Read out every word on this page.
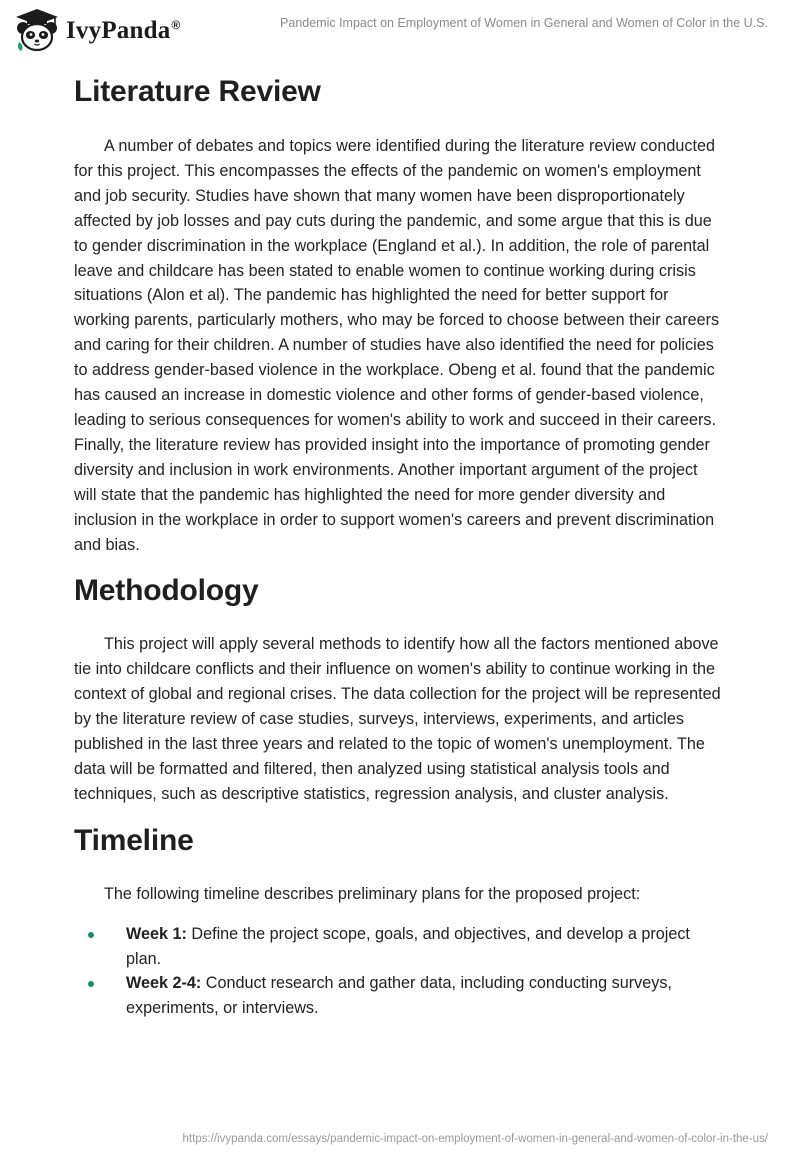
IvyPanda®	Pandemic Impact on Employment of Women in General and Women of Color in the U.S.
Literature Review

A number of debates and topics were identified during the literature review conducted for this project. This encompasses the effects of the pandemic on women's employment and job security. Studies have shown that many women have been disproportionately affected by job losses and pay cuts during the pandemic, and some argue that this is due to gender discrimination in the workplace (England et al.). In addition, the role of parental leave and childcare has been stated to enable women to continue working during crisis situations (Alon et al). The pandemic has highlighted the need for better support for working parents, particularly mothers, who may be forced to choose between their careers and caring for their children. A number of studies have also identified the need for policies to address gender-based violence in the workplace. Obeng et al. found that the pandemic has caused an increase in domestic violence and other forms of gender-based violence, leading to serious consequences for women's ability to work and succeed in their careers. Finally, the literature review has provided insight into the importance of promoting gender diversity and inclusion in work environments. Another important argument of the project will state that the pandemic has highlighted the need for more gender diversity and inclusion in the workplace in order to support women's careers and prevent discrimination and bias.

Methodology

This project will apply several methods to identify how all the factors mentioned above tie into childcare conflicts and their influence on women's ability to continue working in the context of global and regional crises. The data collection for the project will be represented by the literature review of case studies, surveys, interviews, experiments, and articles published in the last three years and related to the topic of women's unemployment. The data will be formatted and filtered, then analyzed using statistical analysis tools and techniques, such as descriptive statistics, regression analysis, and cluster analysis.

Timeline

The following timeline describes preliminary plans for the proposed project:

Week 1: Define the project scope, goals, and objectives, and develop a project plan.
Week 2-4: Conduct research and gather data, including conducting surveys, experiments, or interviews.
https://ivypanda.com/essays/pandemic-impact-on-employment-of-women-in-general-and-women-of-color-in-the-us/
